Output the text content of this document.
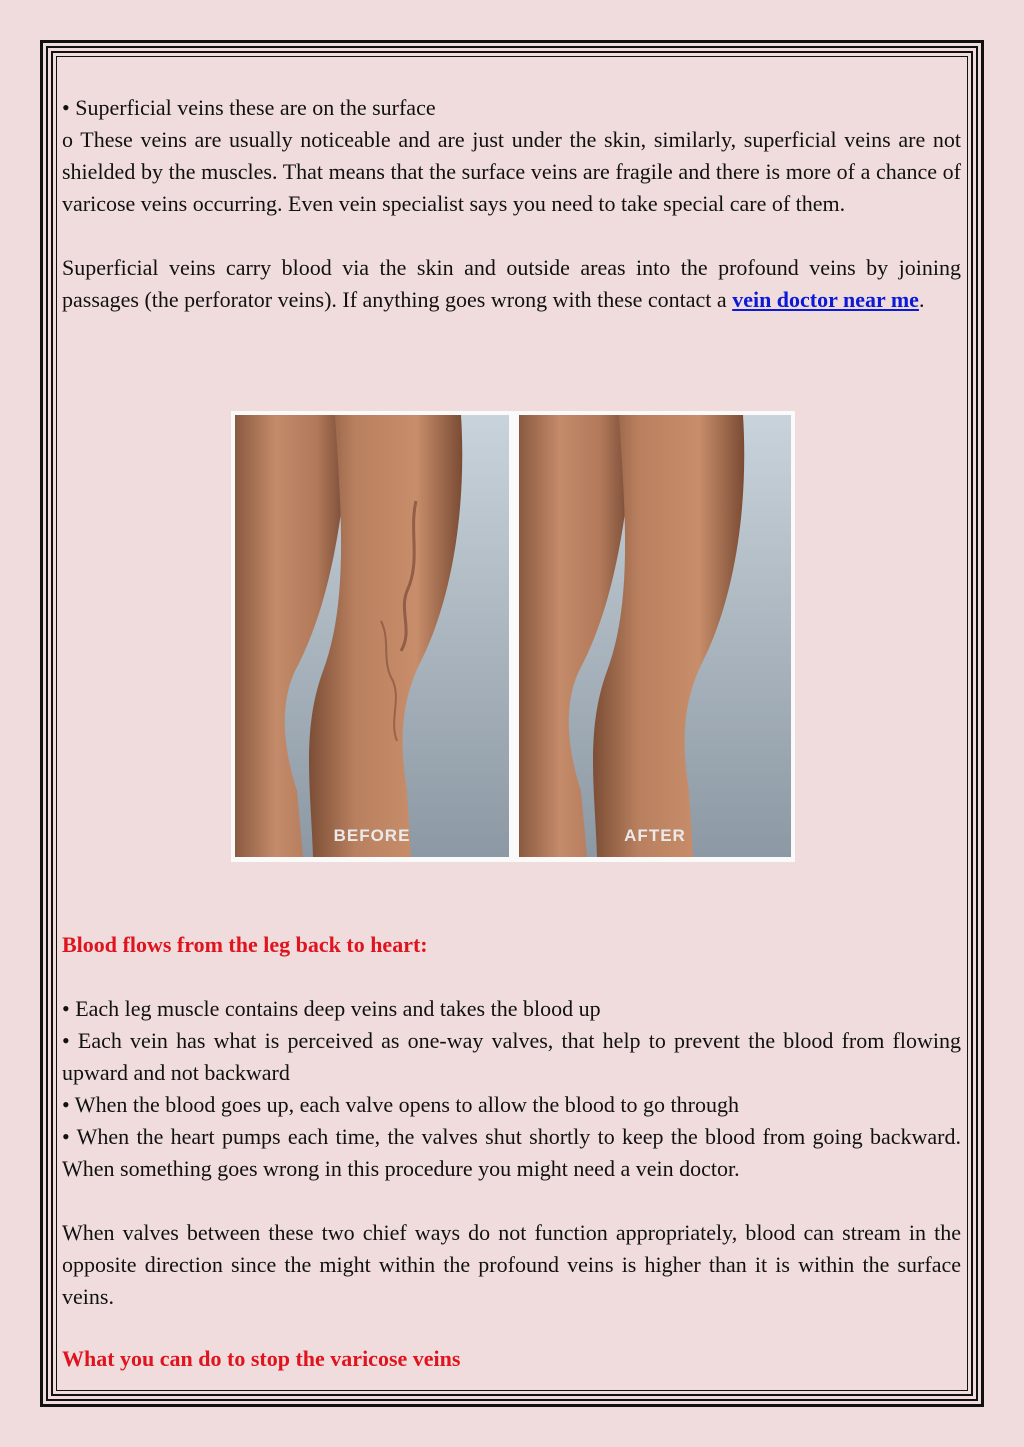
• Superficial veins these are on the surface

o These veins are usually noticeable and are just under the skin, similarly, superficial veins are not shielded by the muscles. That means that the surface veins are fragile and there is more of a chance of varicose veins occurring. Even vein specialist says you need to take special care of them.

Superficial veins carry blood via the skin and outside areas into the profound veins by joining passages (the perforator veins). If anything goes wrong with these contact a vein doctor near me.

BEFORE	AFTER
Blood flows from the leg back to heart:

• Each leg muscle contains deep veins and takes the blood up

• Each vein has what is perceived as one-way valves, that help to prevent the blood from flowing upward and not backward

• When the blood goes up, each valve opens to allow the blood to go through

• When the heart pumps each time, the valves shut shortly to keep the blood from going backward. When something goes wrong in this procedure you might need a vein doctor.

When valves between these two chief ways do not function appropriately, blood can stream in the opposite direction since the might within the profound veins is higher than it is within the surface veins.

What you can do to stop the varicose veins
